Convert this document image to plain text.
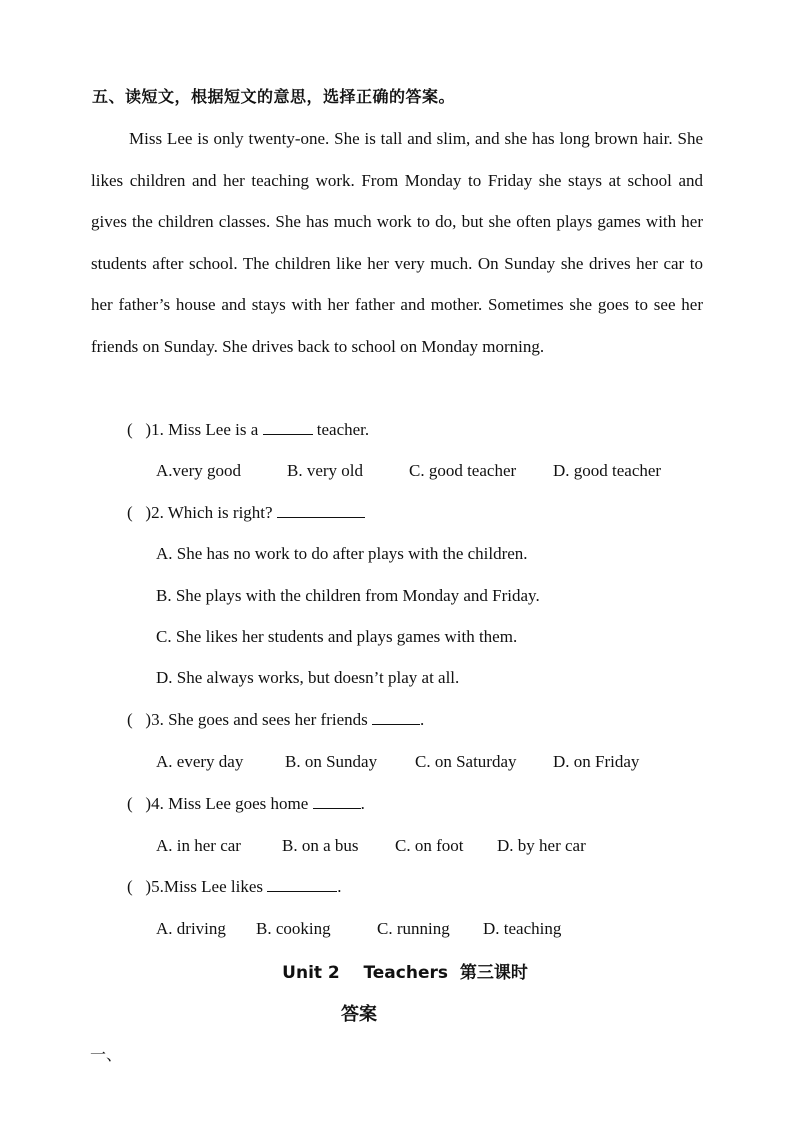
五、读短文，根据短文的意思，选择正确的答案。

Miss Lee is only twenty-one. She is tall and slim, and she has long brown hair. She likes children and her teaching work. From Monday to Friday she stays at school and gives the children classes. She has much work to do, but she often plays games with her students after school. The children like her very much. On Sunday she drives her car to her father’s house and stays with her father and mother. Sometimes she goes to see her friends on Sunday. She drives back to school on Monday morning.

(   )1. Miss Lee is a	teacher.
A.very good	B. very old	C. good teacher D. good teacher
(   )2. Which is right?
A. She has no work to do after plays with the children.
B. She plays with the children from Monday and Friday.
C. She likes her students and plays games with them.
D. She always works, but doesn’t play at all.
(   )3. She goes and sees her friends	.
A. every day B. on Sunday C. on Saturday D. on Friday
(   )4. Miss Lee goes home	.
A. in her car B. on a bus C. on foot D. by her car
(   )5.Miss Lee likes	.
A. driving B. cooking	C. running D. teaching
Unit 2    Teachers  第三课时
答案
一、
